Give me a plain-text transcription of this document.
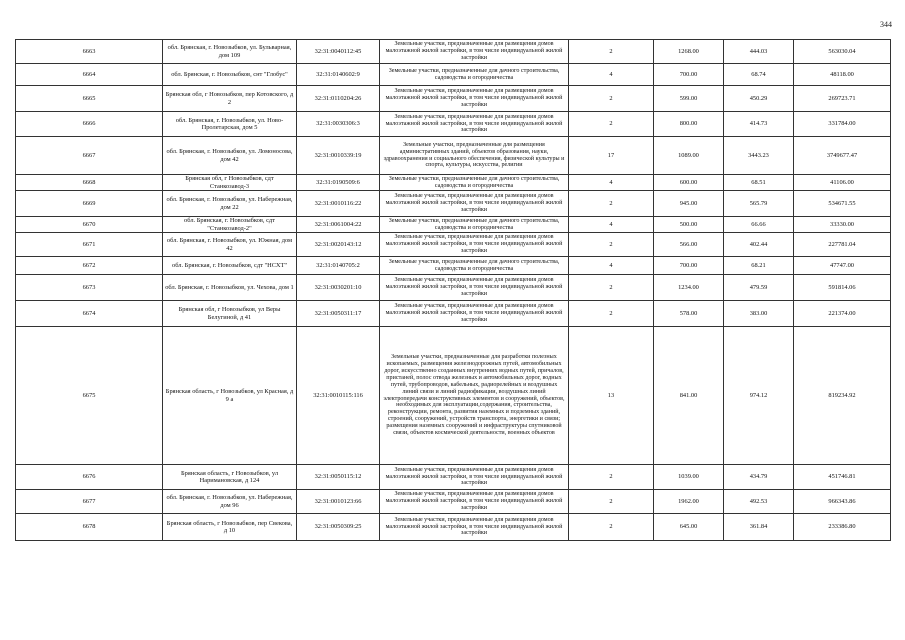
344
6663	обл. Брянская, г. Новозыбков, ул. Бульварная, дом 109	32:31:0040112:45	Земельные участки, предназначенные для размещения домов малоэтажной жилой застройки, в том числе индивидуальной жилой застройки	2	1268.00	444.03	563030.04
6664	обл. Брянская, г. Новозыбков, снт "Глобус"	32:31:0140602:9	Земельные участки, предназначенные для дачного строительства, садоводства и огородничества	4	700.00	68.74	48118.00
6665	Брянская обл, г Новозыбков, пер Котовского, д 2	32:31:0110204:26	Земельные участки, предназначенные для размещения домов малоэтажной жилой застройки, в том числе индивидуальной жилой застройки	2	599.00	450.29	269723.71
6666	обл. Брянская, г. Новозыбков, ул. Ново-Пролетарская, дом 5	32:31:0030306:3	Земельные участки, предназначенные для размещения домов малоэтажной жилой застройки, в том числе индивидуальной жилой застройки	2	800.00	414.73	331784.00
6667	обл. Брянская, г. Новозыбков, ул. Ломоносова, дом 42	32:31:0010339:19	Земельные участки, предназначенные для размещения административных зданий, объектов образования, науки, здравоохранения и социального обеспечения, физической культуры и спорта, культуры, искусства, религии	17	1089.00	3443.23	3749677.47
6668	Брянская обл, г Новозыбков, сдт Станкозавод-3	32:31:0190509:6	Земельные участки, предназначенные для дачного строительства, садоводства и огородничества	4	600.00	68.51	41106.00
6669	обл. Брянская, г. Новозыбков, ул. Набережная, дом 22	32:31:0010116:22	Земельные участки, предназначенные для размещения домов малоэтажной жилой застройки, в том числе индивидуальной жилой застройки	2	945.00	565.79	534671.55
6670	обл. Брянская, г. Новозыбков, сдт "Станкозавод-2"	32:31:0061004:22	Земельные участки, предназначенные для дачного строительства, садоводства и огородничества	4	500.00	66.66	33330.00
6671	обл. Брянская, г. Новозыбков, ул. Южная, дом 42	32:31:0020143:12	Земельные участки, предназначенные для размещения домов малоэтажной жилой застройки, в том числе индивидуальной жилой застройки	2	566.00	402.44	227781.04
6672	обл. Брянская, г. Новозыбков, сдт "НСХТ"	32:31:0140705:2	Земельные участки, предназначенные для дачного строительства, садоводства и огородничества	4	700.00	68.21	47747.00
6673	обл. Брянская, г. Новозыбков, ул. Чехова, дом 1	32:31:0030201:10	Земельные участки, предназначенные для размещения домов малоэтажной жилой застройки, в том числе индивидуальной жилой застройки	2	1234.00	479.59	591814.06
6674	Брянская обл, г Новозыбков, ул Веры Белугиной, д 41	32:31:0050311:17	Земельные участки, предназначенные для размещения домов малоэтажной жилой застройки, в том числе индивидуальной жилой застройки	2	578.00	383.00	221374.00
6675	Брянская область, г Новозыбков, ул Красная, д 9 а	32:31:0010115:116	Земельные участки, предназначенные для разработки полезных ископаемых, размещения железнодорожных путей, автомобильных дорог, искусственно созданных внутренних водных путей, причалов, пристаней, полос отвода железных и автомобильных дорог, водных путей, трубопроводов, кабельных, радиорелейных и воздушных линий связи и линий радиофикации, воздушных линий электропередачи конструктивных элементов и сооружений, объектов, необходимых для эксплуатации,содержания, строительства, реконструкции, ремонта, развития наземных и подземных зданий, строений, сооружений, устройств транспорта, энергетики и связи; размещения наземных сооружений и инфраструктуры спутниковой связи, объектов космической деятельности, военных объектов	13	841.00	974.12	819234.92
6676	Брянская область, г Новозыбков, ул Наримановская, д 124	32:31:0050115:12	Земельные участки, предназначенные для размещения домов малоэтажной жилой застройки, в том числе индивидуальной жилой застройки	2	1039.00	434.79	451746.81
6677	обл. Брянская, г. Новозыбков, ул. Набережная, дом 96	32:31:0010123:66	Земельные участки, предназначенные для размещения домов малоэтажной жилой застройки, в том числе индивидуальной жилой застройки	2	1962.00	492.53	966343.86
6678	Брянская область, г Новозыбков, пер Свекова, д 10	32:31:0050309:25	Земельные участки, предназначенные для размещения домов малоэтажной жилой застройки, в том числе индивидуальной жилой застройки	2	645.00	361.84	233386.80
